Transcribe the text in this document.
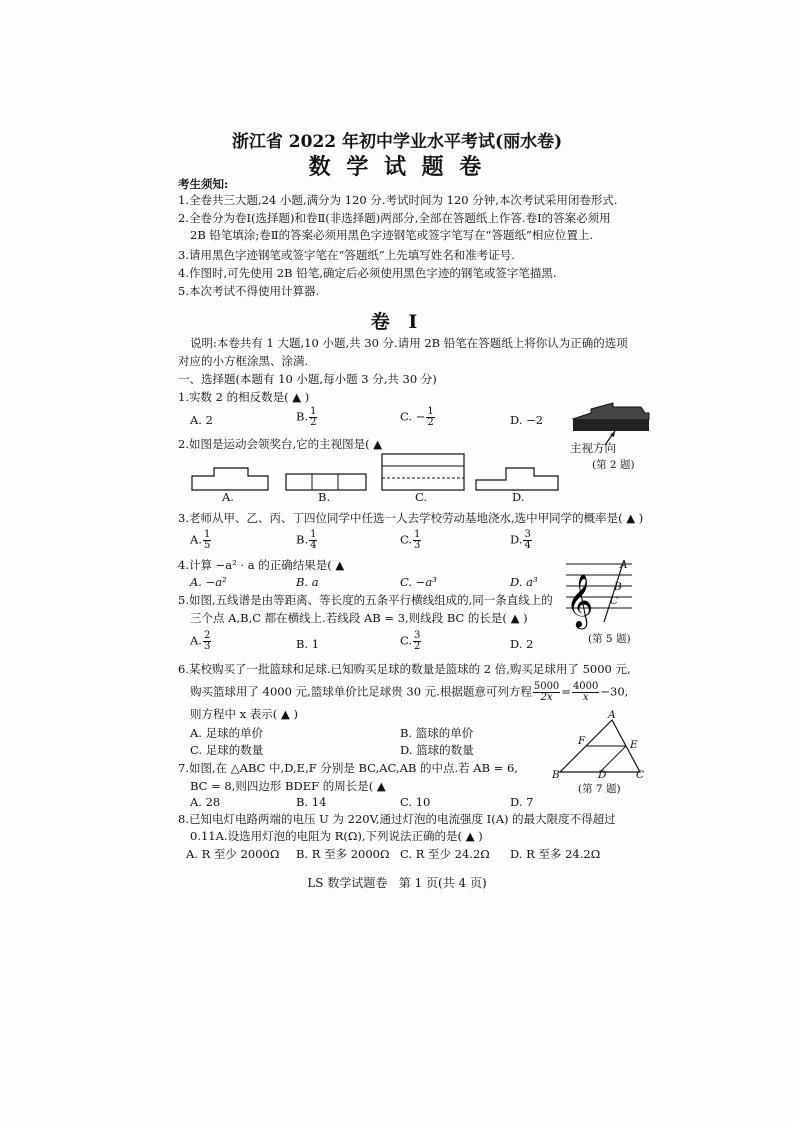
浙江省 2022 年初中学业水平考试(丽水卷)
数 学 试 题 卷
考生须知:
1.全卷共三大题,24 小题,满分为 120 分.考试时间为 120 分钟,本次考试采用闭卷形式.
2.全卷分为卷Ⅰ(选择题)和卷Ⅱ(非选择题)两部分,全部在答题纸上作答.卷Ⅰ的答案必须用
2B 铅笔填涂;卷Ⅱ的答案必须用黑色字迹钢笔或签字笔写在“答题纸”相应位置上.
3.请用黑色字迹钢笔或签字笔在“答题纸”上先填写姓名和准考证号.
4.作图时,可先使用 2B 铅笔,确定后必须使用黑色字迹的钢笔或签字笔描黑.
5.本次考试不得使用计算器.
卷 Ⅰ
说明:本卷共有 1 大题,10 小题,共 30 分.请用 2B 铅笔在答题纸上将你认为正确的选项
对应的小方框涂黑、涂满.
一、选择题(本题有 10 小题,每小题 3 分,共 30 分)
1.实数 2 的相反数是( ▲ )
A. 2	B. $\frac{1}{2}$	C. − $\frac{1}{2}$	D. −2
主视方向
(第 2 题)
2.如图是运动会领奖台,它的主视图是( ▲
A.	B.	C.	D.
3.老师从甲、乙、丙、丁四位同学中任选一人去学校劳动基地浇水,选中甲同学的概率是( ▲ )
A. $\frac{1}{5}$	B. $\frac{1}{4}$	C. $\frac{1}{3}$	D. $\frac{3}{4}$
4.计算 −a² · a 的正确结果是( ▲
A. −a²	B. a	C. −a³	D. a³ 𝄞
A
B
C
(第 5 题)
5.如图,五线谱是由等距离、等长度的五条平行横线组成的,同一条直线上的
三个点 A,B,C 都在横线上.若线段 AB = 3,则线段 BC 的长是( ▲ )
A. $\frac{2}{3}$	B. 1	C. $\frac{3}{2}$	D. 2
6.某校购买了一批篮球和足球.已知购买足球的数量是篮球的 2 倍,购买足球用了 5000 元,
购买篮球用了 4000 元,篮球单价比足球贵 30 元.根据题意可列方程 $\frac{5000}{2x} = \frac{4000}{x} -30$,
则方程中 x 表示( ▲ )
A. 足球的单价	B. 篮球的单价
C. 足球的数量	D. 篮球的数量
A
F	E
B	D	C
(第 7 题)
7.如图,在 △ABC 中,D,E,F 分别是 BC,AC,AB 的中点.若 AB = 6,
BC = 8,则四边形 BDEF 的周长是( ▲
A. 28	B. 14	C. 10	D. 7
8.已知电灯电路两端的电压 U 为 220V,通过灯泡的电流强度 I(A) 的最大限度不得超过
0.11A.设选用灯泡的电阻为 R(Ω),下列说法正确的是( ▲ )
A. R 至少 2000Ω B. R 至多 2000Ω C. R 至少 24.2Ω D. R 至多 24.2Ω
LS 数学试题卷   第 1 页(共 4 页)
